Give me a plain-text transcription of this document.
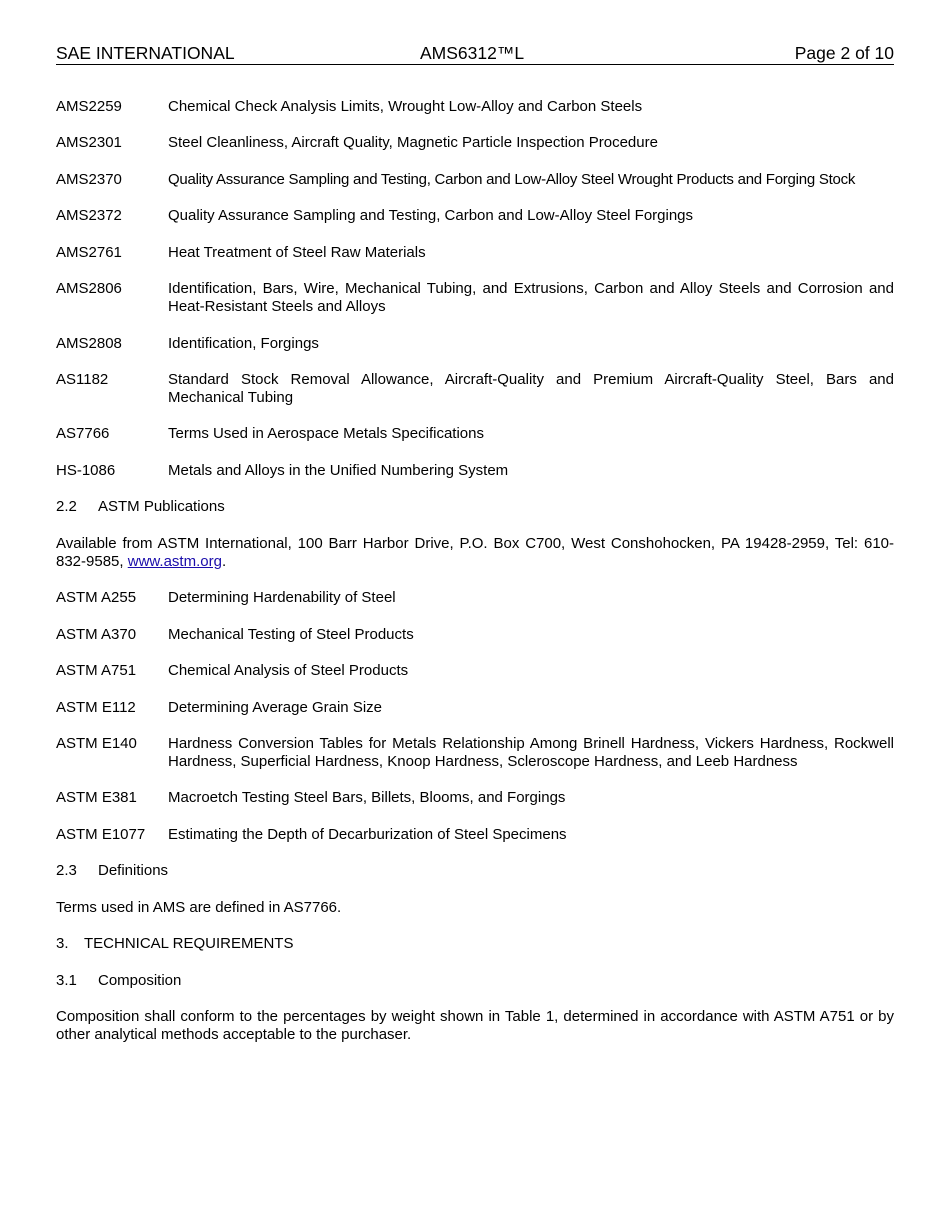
SAE INTERNATIONAL	AMS6312™L	Page 2 of 10
AMS2259	Chemical Check Analysis Limits, Wrought Low-Alloy and Carbon Steels
AMS2301	Steel Cleanliness, Aircraft Quality, Magnetic Particle Inspection Procedure
AMS2370	Quality Assurance Sampling and Testing, Carbon and Low-Alloy Steel Wrought Products and Forging Stock
AMS2372	Quality Assurance Sampling and Testing, Carbon and Low-Alloy Steel Forgings
AMS2761	Heat Treatment of Steel Raw Materials
AMS2806	Identification, Bars, Wire, Mechanical Tubing, and Extrusions, Carbon and Alloy Steels and Corrosion and Heat-Resistant Steels and Alloys
AMS2808	Identification, Forgings
AS1182	Standard Stock Removal Allowance, Aircraft-Quality and Premium Aircraft-Quality Steel, Bars and Mechanical Tubing
AS7766	Terms Used in Aerospace Metals Specifications
HS-1086	Metals and Alloys in the Unified Numbering System
2.2 ASTM Publications
Available from ASTM International, 100 Barr Harbor Drive, P.O. Box C700, West Conshohocken, PA 19428-2959, Tel: 610-832-9585, www.astm.org.
ASTM A255 Determining Hardenability of Steel
ASTM A370 Mechanical Testing of Steel Products
ASTM A751 Chemical Analysis of Steel Products
ASTM E112 Determining Average Grain Size
ASTM E140 Hardness Conversion Tables for Metals Relationship Among Brinell Hardness, Vickers Hardness, Rockwell Hardness, Superficial Hardness, Knoop Hardness, Scleroscope Hardness, and Leeb Hardness
ASTM E381 Macroetch Testing Steel Bars, Billets, Blooms, and Forgings
ASTM E1077 Estimating the Depth of Decarburization of Steel Specimens
2.3 Definitions
Terms used in AMS are defined in AS7766.
3. TECHNICAL REQUIREMENTS
3.1 Composition
Composition shall conform to the percentages by weight shown in Table 1, determined in accordance with ASTM A751 or by other analytical methods acceptable to the purchaser.
